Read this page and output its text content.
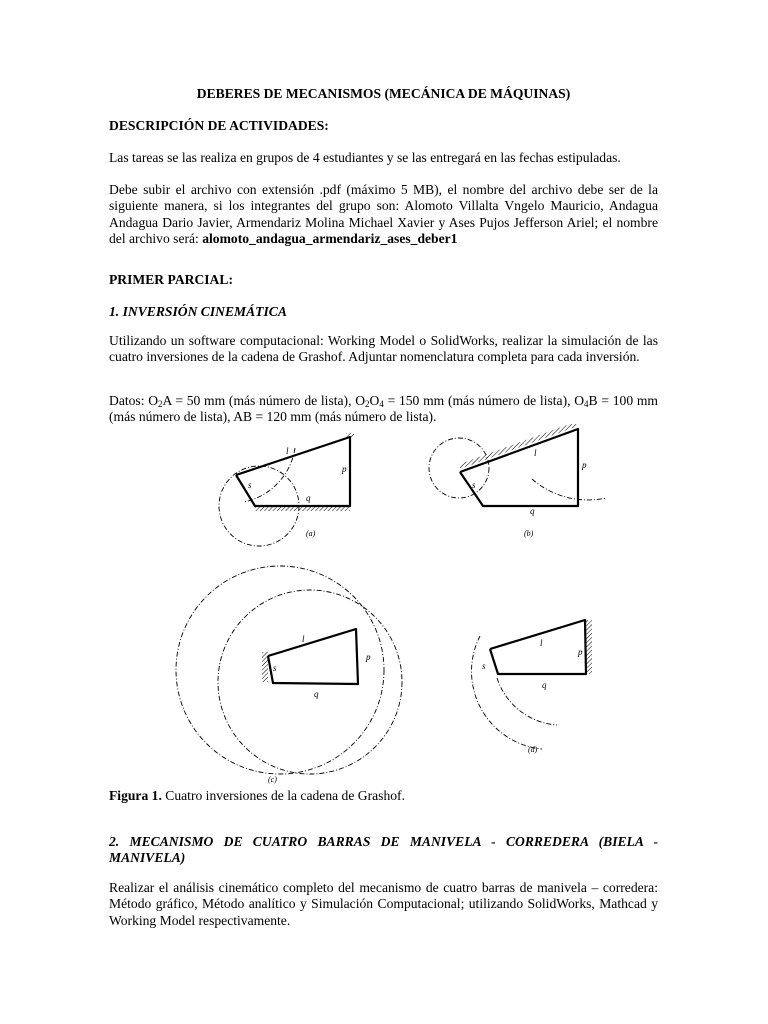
DEBERES DE MECANISMOS (MECÁNICA DE MÁQUINAS)

DESCRIPCIÓN DE ACTIVIDADES:

Las tareas se las realiza en grupos de 4 estudiantes y se las entregará en las fechas estipuladas.

Debe subir el archivo con extensión .pdf (máximo 5 MB), el nombre del archivo debe ser de la siguiente manera, si los integrantes del grupo son: Alomoto Villalta Vngelo Mauricio, Andagua Andagua Dario Javier, Armendariz Molina Michael Xavier y Ases Pujos Jefferson Ariel; el nombre del archivo será: alomoto_andagua_armendariz_ases_deber1

PRIMER PARCIAL:

1. INVERSIÓN CINEMÁTICA

Utilizando un software computacional: Working Model o SolidWorks, realizar la simulación de las cuatro inversiones de la cadena de Grashof. Adjuntar nomenclatura completa para cada inversión.

Datos: $O_2A = 50$ mm (más número de lista), $O_2O_4 = 150$ mm (más número de lista), $O_4B = 100$ mm (más número de lista), AB = 120 mm (más número de lista).

l
p
q
s
(a)
l
p
q
s
(b)
l
p
q
s
(c)
l
p
q
s
(d)

Figura 1. Cuatro inversiones de la cadena de Grashof.

2. MECANISMO DE CUATRO BARRAS DE MANIVELA - CORREDERA (BIELA - MANIVELA)

Realizar el análisis cinemático completo del mecanismo de cuatro barras de manivela – corredera: Método gráfico, Método analítico y Simulación Computacional; utilizando SolidWorks, Mathcad y Working Model respectivamente.
